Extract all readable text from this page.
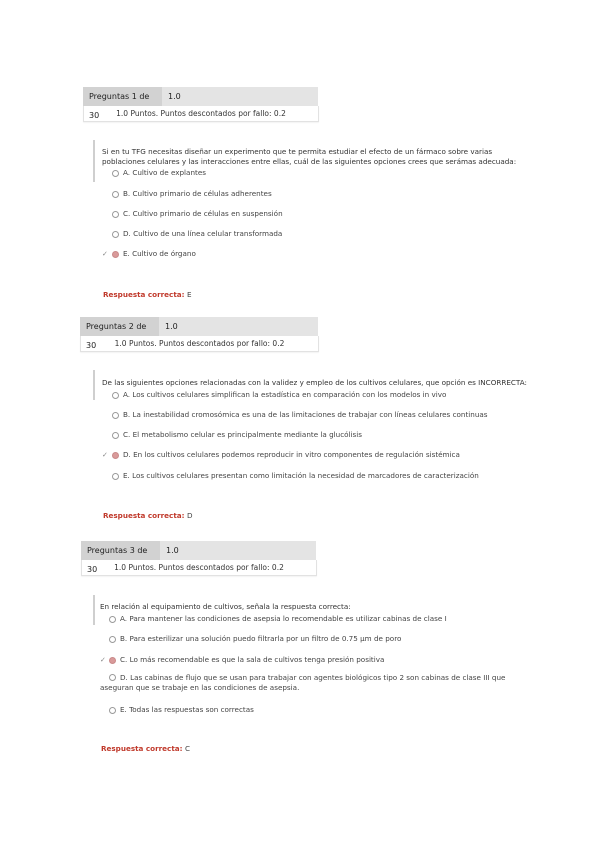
Preguntas 1 de 30
1.0
1.0 Puntos. Puntos descontados por fallo: 0.2
Si en tu TFG necesitas diseñar un experimento que te permita estudiar el efecto de un fármaco sobre varias poblaciones celulares y las interacciones entre ellas, cuál de las siguientes opciones crees que serámas adecuada:
A. Cultivo de explantes
B. Cultivo primario de células adherentes
C. Cultivo primario de células en suspensión
D. Cultivo de una línea celular transformada
✓ E. Cultivo de órgano
Respuesta correcta: E
Preguntas 2 de 30
1.0
1.0 Puntos. Puntos descontados por fallo: 0.2
De las siguientes opciones relacionadas con la validez y empleo de los cultivos celulares, que opción es INCORRECTA:
A. Los cultivos celulares simplifican la estadística en comparación con los modelos in vivo
B. La inestabilidad cromosómica es una de las limitaciones de trabajar con líneas celulares continuas
C. El metabolismo celular es principalmente mediante la glucólisis
✓ D. En los cultivos celulares podemos reproducir in vitro componentes de regulación sistémica
E. Los cultivos celulares presentan como limitación la necesidad de marcadores de caracterización
Respuesta correcta: D
Preguntas 3 de 30
1.0
1.0 Puntos. Puntos descontados por fallo: 0.2
En relación al equipamiento de cultivos, señala la respuesta correcta:
A. Para mantener las condiciones de asepsia lo recomendable es utilizar cabinas de clase I
B. Para esterilizar una solución puedo filtrarla por un filtro de 0.75 μm de poro
✓ C. Lo más recomendable es que la sala de cultivos tenga presión positiva
D. Las cabinas de flujo que se usan para trabajar con agentes biológicos tipo 2 son cabinas de clase III que aseguran que se trabaje en las condiciones de asepsia.
E. Todas las respuestas son correctas
Respuesta correcta: C
